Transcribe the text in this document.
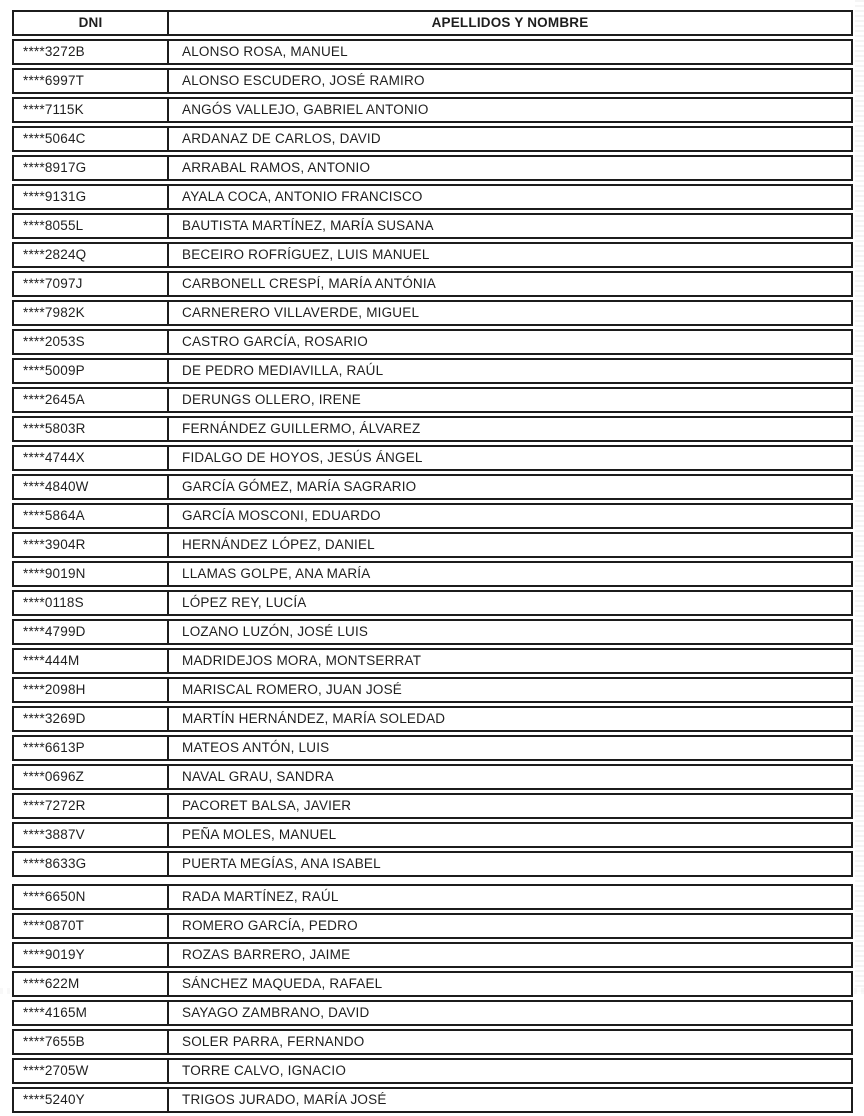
DNI	APELLIDOS Y NOMBRE
****3272B	ALONSO ROSA, MANUEL
****6997T	ALONSO ESCUDERO, JOSÉ RAMIRO
****7115K	ANGÓS VALLEJO, GABRIEL ANTONIO
****5064C	ARDANAZ DE CARLOS, DAVID
****8917G	ARRABAL RAMOS, ANTONIO
****9131G	AYALA COCA, ANTONIO FRANCISCO
****8055L	BAUTISTA MARTÍNEZ, MARÍA SUSANA
****2824Q	BECEIRO ROFRÍGUEZ, LUIS MANUEL
****7097J	CARBONELL CRESPÍ, MARÍA ANTÓNIA
****7982K	CARNERERO VILLAVERDE, MIGUEL
****2053S	CASTRO GARCÍA, ROSARIO
****5009P	DE PEDRO MEDIAVILLA, RAÚL
****2645A	DERUNGS OLLERO, IRENE
****5803R	FERNÁNDEZ GUILLERMO, ÁLVAREZ
****4744X	FIDALGO DE HOYOS, JESÚS ÁNGEL
****4840W	GARCÍA GÓMEZ, MARÍA SAGRARIO
****5864A	GARCÍA MOSCONI, EDUARDO
****3904R	HERNÁNDEZ LÓPEZ, DANIEL
****9019N	LLAMAS GOLPE, ANA MARÍA
****0118S	LÓPEZ REY, LUCÍA
****4799D	LOZANO LUZÓN, JOSÉ LUIS
****444M	MADRIDEJOS MORA, MONTSERRAT
****2098H	MARISCAL ROMERO, JUAN JOSÉ
****3269D	MARTÍN HERNÁNDEZ, MARÍA SOLEDAD
****6613P	MATEOS ANTÓN, LUIS
****0696Z	NAVAL GRAU, SANDRA
****7272R	PACORET BALSA, JAVIER
****3887V	PEÑA MOLES, MANUEL
****8633G	PUERTA MEGÍAS, ANA ISABEL
****6650N	RADA MARTÍNEZ, RAÚL
****0870T	ROMERO GARCÍA, PEDRO
****9019Y	ROZAS BARRERO, JAIME
****622M	SÁNCHEZ MAQUEDA, RAFAEL
****4165M	SAYAGO ZAMBRANO, DAVID
****7655B	SOLER PARRA, FERNANDO
****2705W	TORRE CALVO, IGNACIO
****5240Y	TRIGOS JURADO, MARÍA JOSÉ
